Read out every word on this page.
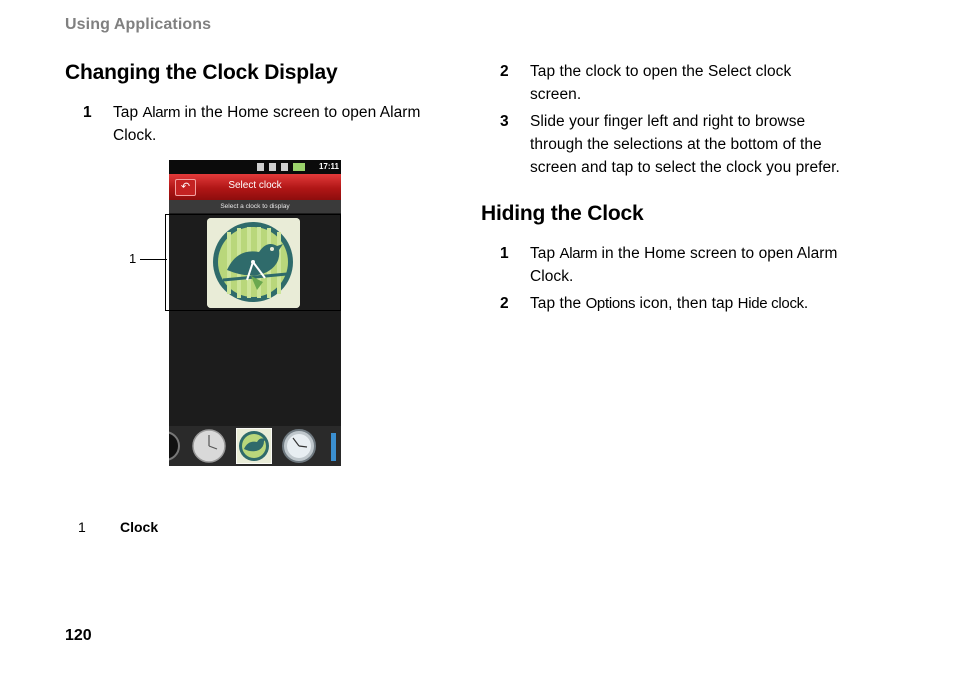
Using Applications
Changing the Clock Display
1 Tap Alarm in the Home screen to open Alarm
Clock.
17:11
↶	Select clock
Select a clock to display
1
1 Clock
2 Tap the clock to open the Select clock
screen.
3 Slide your finger left and right to browse
through the selections at the bottom of the
screen and tap to select the clock you prefer.
Hiding the Clock
1 Tap Alarm in the Home screen to open Alarm
Clock.
2 Tap the Options icon, then tap Hide clock.
120
